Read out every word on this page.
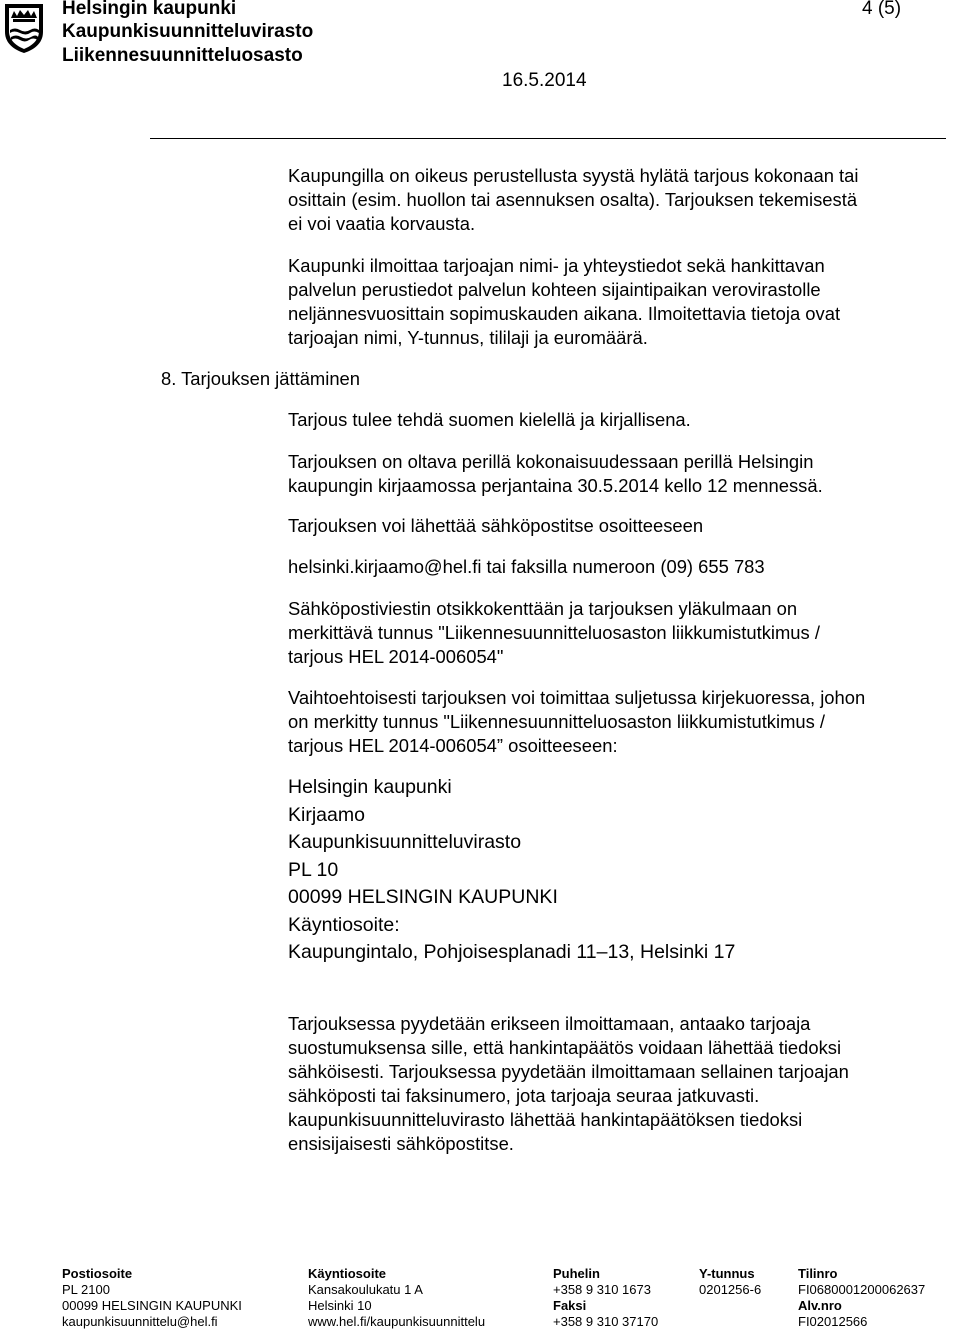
Helsingin kaupunki
Kaupunkisuunnitteluvirasto
Liikennesuunnitteluosasto
4 (5)
16.5.2014
Kaupungilla on oikeus perustellusta syystä hylätä tarjous kokonaan tai
osittain (esim. huollon tai asennuksen osalta). Tarjouksen tekemisestä
ei voi vaatia korvausta.
Kaupunki ilmoittaa tarjoajan nimi- ja yhteystiedot sekä hankittavan
palvelun perustiedot palvelun kohteen sijaintipaikan verovirastolle
neljännesvuosittain sopimuskauden aikana. Ilmoitettavia tietoja ovat
tarjoajan nimi, Y-tunnus, tililaji ja euromäärä.
8. Tarjouksen jättäminen
Tarjous tulee tehdä suomen kielellä ja kirjallisena.
Tarjouksen on oltava perillä kokonaisuudessaan perillä Helsingin
kaupungin kirjaamossa perjantaina 30.5.2014 kello 12 mennessä.
Tarjouksen voi lähettää sähköpostitse osoitteeseen
helsinki.kirjaamo@hel.fi tai faksilla numeroon (09) 655 783
Sähköpostiviestin otsikkokenttään ja tarjouksen yläkulmaan on
merkittävä tunnus "Liikennesuunnitteluosaston liikkumistutkimus /
tarjous HEL 2014-006054"
Vaihtoehtoisesti tarjouksen voi toimittaa suljetussa kirjekuoressa, johon
on merkitty tunnus "Liikennesuunnitteluosaston liikkumistutkimus /
tarjous HEL 2014-006054” osoitteeseen:
Helsingin kaupunki
Kirjaamo
Kaupunkisuunnitteluvirasto
PL 10
00099 HELSINGIN KAUPUNKI
Käyntiosoite:
Kaupungintalo, Pohjoisesplanadi 11–13, Helsinki 17
Tarjouksessa pyydetään erikseen ilmoittamaan, antaako tarjoaja
suostumuksensa sille, että hankintapäätös voidaan lähettää tiedoksi
sähköisesti. Tarjouksessa pyydetään ilmoittamaan sellainen tarjoajan
sähköposti tai faksinumero, jota tarjoaja seuraa jatkuvasti.
kaupunkisuunnitteluvirasto lähettää hankintapäätöksen tiedoksi
ensisijaisesti sähköpostitse.
Postiosoite
PL 2100
00099 HELSINGIN KAUPUNKI
kaupunkisuunnittelu@hel.fi
Käyntiosoite
Kansakoulukatu 1 A
Helsinki 10
www.hel.fi/kaupunkisuunnittelu
Puhelin
+358 9 310 1673
Faksi
+358 9 310 37170
Y-tunnus
0201256-6
Tilinro
FI0680001200062637
Alv.nro
FI02012566
